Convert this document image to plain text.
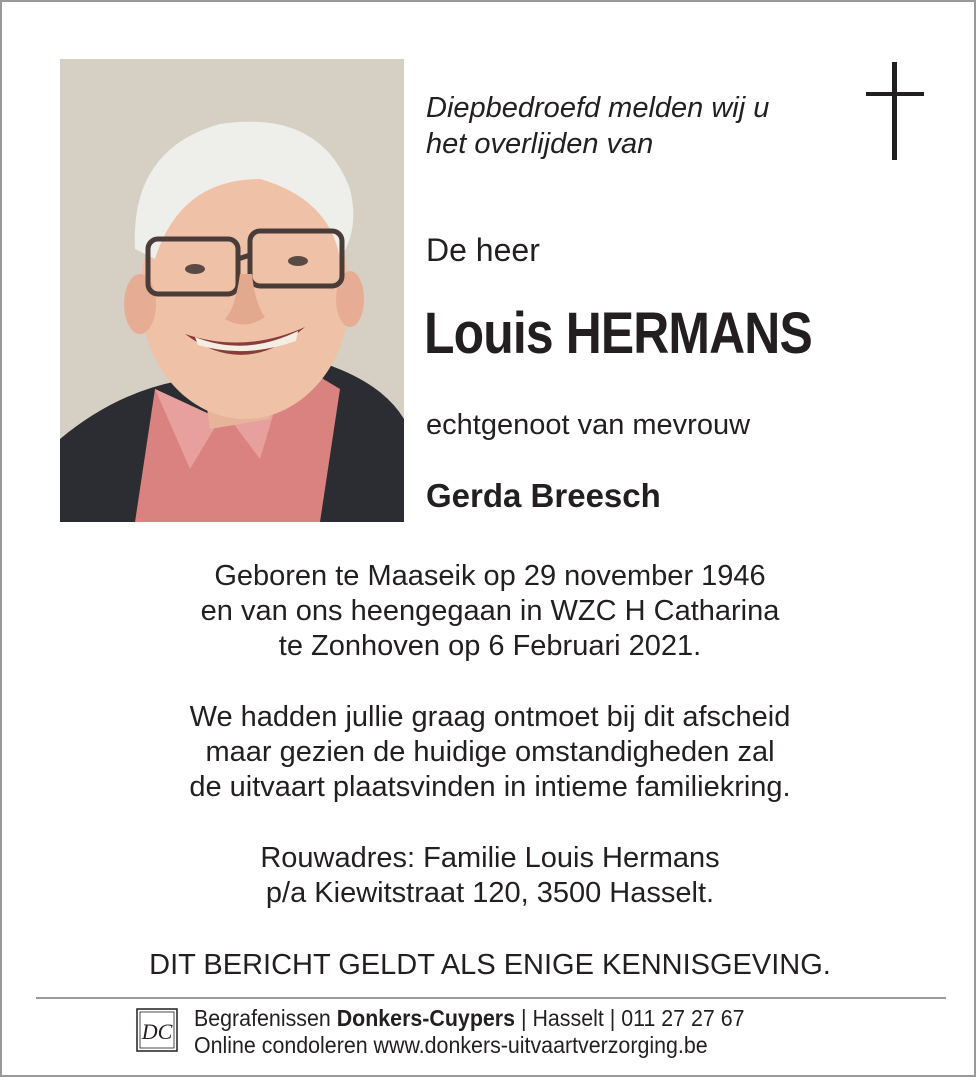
Diepbedroefd melden wij u
het overlijden van

De heer

Louis HERMANS

echtgenoot van mevrouw

Gerda Breesch

Geboren te Maaseik op 29 november 1946
en van ons heengegaan in WZC H Catharina
te Zonhoven op 6 Februari 2021.

We hadden jullie graag ontmoet bij dit afscheid
maar gezien de huidige omstandigheden zal
de uitvaart plaatsvinden in intieme familiekring.

Rouwadres: Familie Louis Hermans
p/a Kiewitstraat 120, 3500 Hasselt.

DIT BERICHT GELDT ALS ENIGE KENNISGEVING.

DC
Begrafenissen Donkers-Cuypers | Hasselt | 011 27 27 67
Online condoleren www.donkers-uitvaartverzorging.be
